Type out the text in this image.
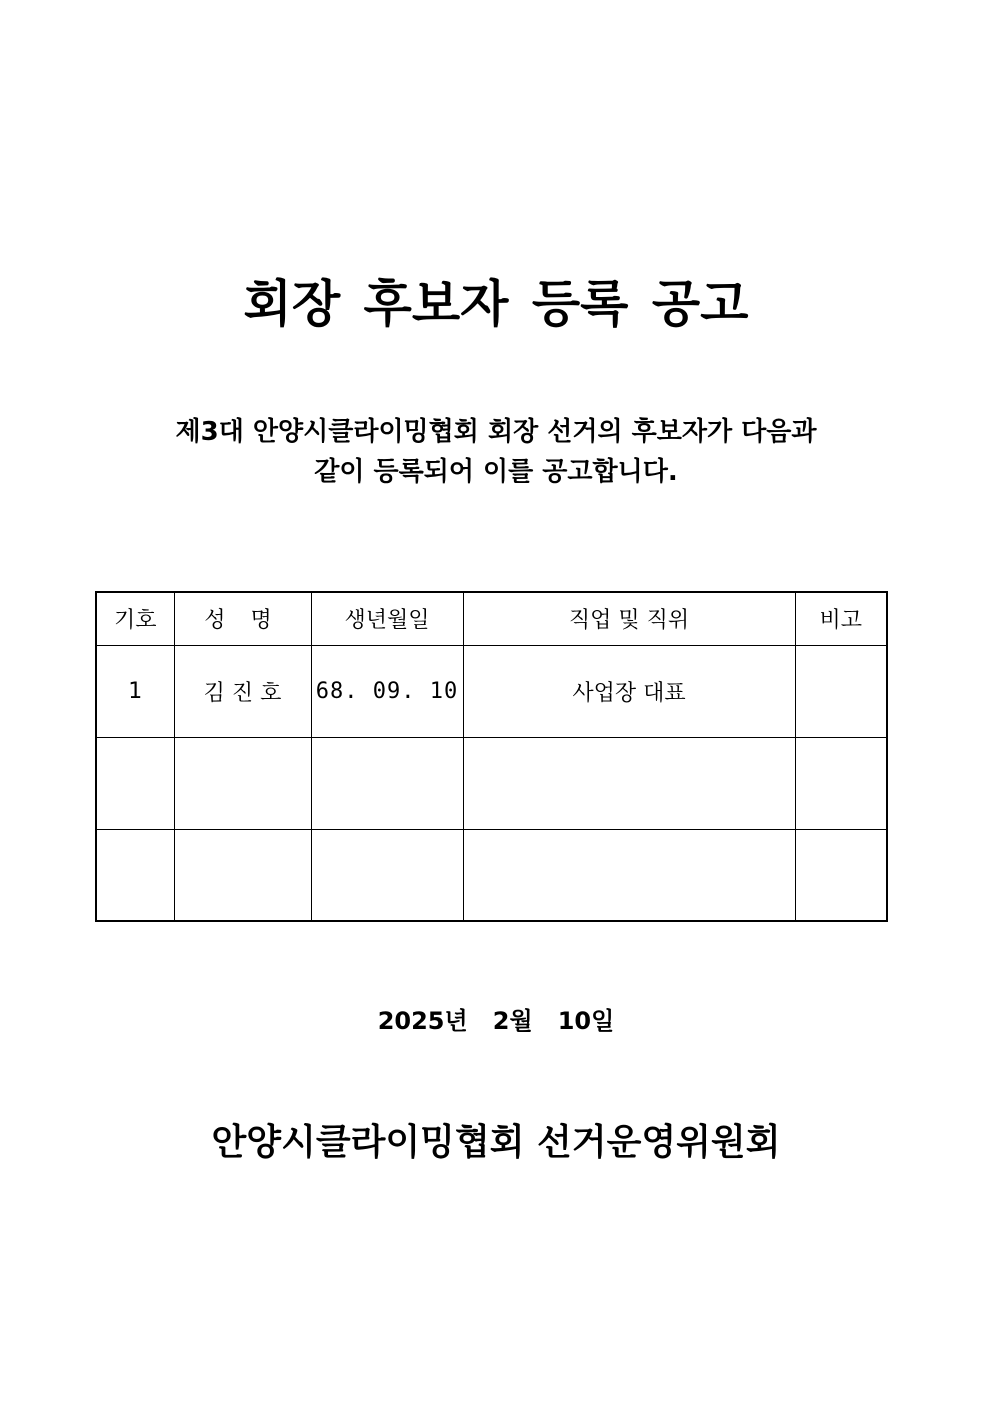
회장 후보자 등록 공고
제3대 안양시클라이밍협회 회장 선거의 후보자가 다음과
같이 등록되어 이를 공고합니다.
기호	성 명	생년월일	직업 및 직위	비고
1	김 진 호	68. 09. 10	사업장 대표	

2025년   2월   10일
안양시클라이밍협회 선거운영위원회
